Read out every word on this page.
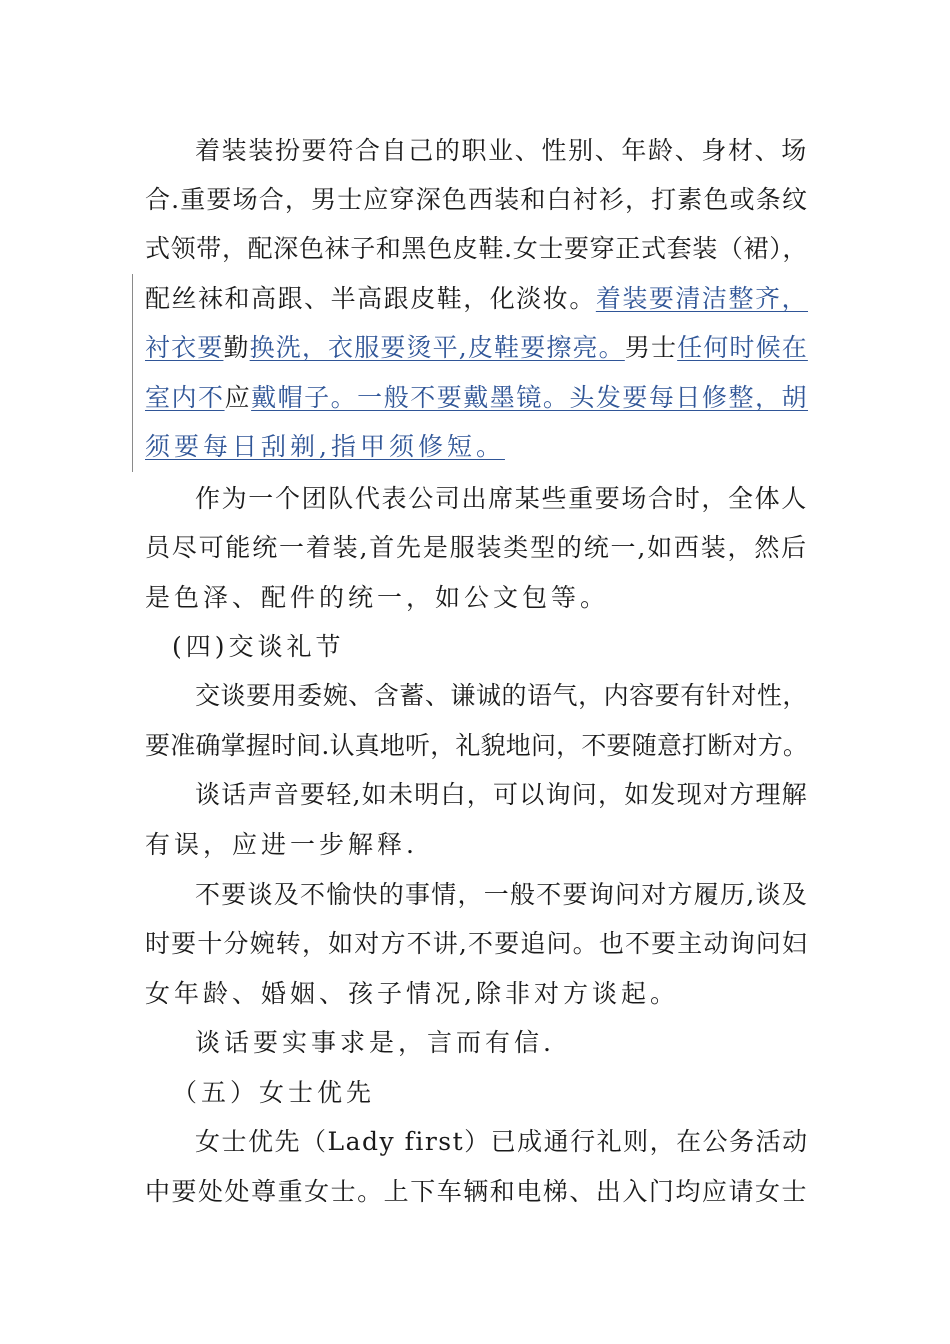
着装装扮要符合自己的职业、性别、年龄、身材、场
合.重要场合，男士应穿深色西装和白衬衫，打素色或条纹
式领带，配深色袜子和黑色皮鞋.女士要穿正式套装（裙），
配丝袜和高跟、半高跟皮鞋，化淡妆。着装要清洁整齐，
衬衣要勤换洗，衣服要烫平,皮鞋要擦亮。男士任何时候在
室内不应戴帽子。一般不要戴墨镜。头发要每日修整，胡
须要每日刮剃,指甲须修短。
作为一个团队代表公司出席某些重要场合时，全体人
员尽可能统一着装,首先是服装类型的统一,如西装，然后
是色泽、配件的统一，如公文包等。
(四)交谈礼节
交谈要用委婉、含蓄、谦诚的语气，内容要有针对性，
要准确掌握时间.认真地听，礼貌地问，不要随意打断对方。
谈话声音要轻,如未明白，可以询问，如发现对方理解
有误，应进一步解释.
不要谈及不愉快的事情，一般不要询问对方履历,谈及
时要十分婉转，如对方不讲,不要追问。也不要主动询问妇
女年龄、婚姻、孩子情况,除非对方谈起。
谈话要实事求是，言而有信.
（五）女士优先
女士优先（Lady first）已成通行礼则，在公务活动
中要处处尊重女士。上下车辆和电梯、出入门均应请女士
